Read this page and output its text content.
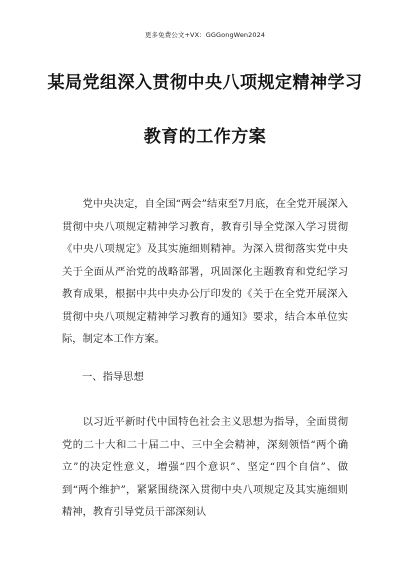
更多免费公文+VX：GGGongWen2024
某局党组深入贯彻中央八项规定精神学习
教育的工作方案
党中央决定，自全国“两会”结束至7月底，在全党开展深入贯彻中央八项规定精神学习教育，教育引导全党深入学习贯彻《中央八项规定》及其实施细则精神。为深入贯彻落实党中央关于全面从严治党的战略部署，巩固深化主题教育和党纪学习教育成果，根据中共中央办公厅印发的《关于在全党开展深入贯彻中央八项规定精神学习教育的通知》要求，结合本单位实际，制定本工作方案。
一、指导思想
以习近平新时代中国特色社会主义思想为指导，全面贯彻党的二十大和二十届二中、三中全会精神，深刻领悟“两个确立”的决定性意义，增强“四个意识”、坚定“四个自信”、做到“两个维护”，紧紧围绕深入贯彻中央八项规定及其实施细则精神，教育引导党员干部深刻认
